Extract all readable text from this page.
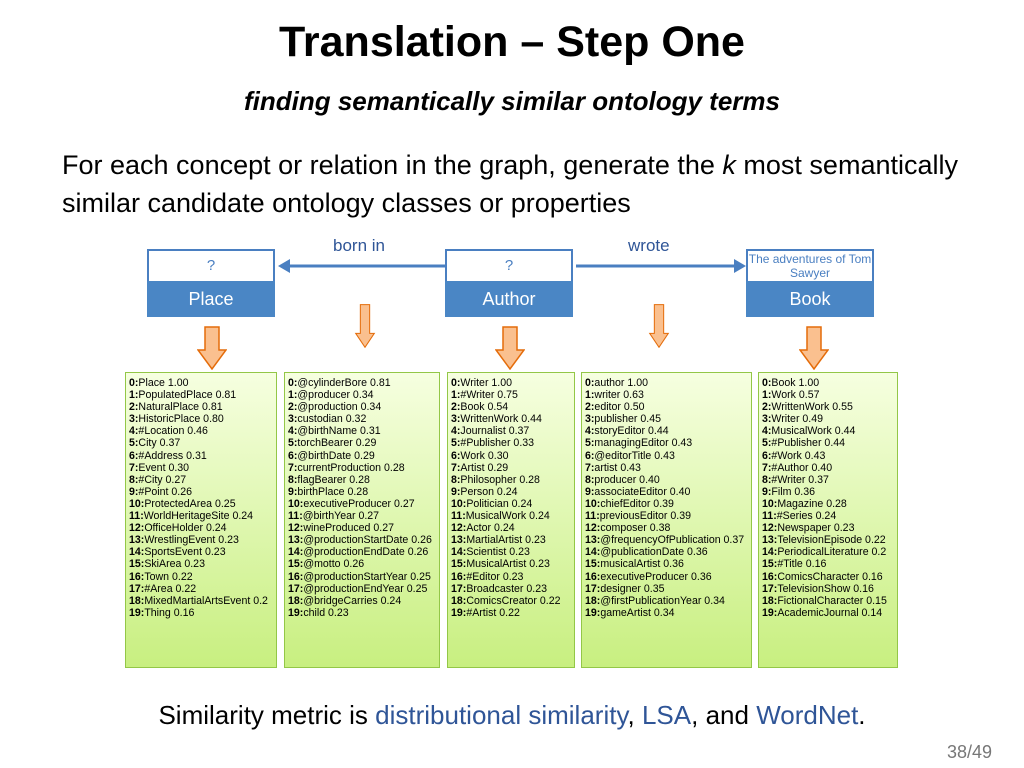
Translation – Step One
finding semantically similar ontology terms
For each concept or relation in the graph, generate the k most semantically similar candidate ontology classes or properties
born in	wrote
?
Place
?
Author
The adventures of Tom Sawyer
Book
0:Place 1.00
1:PopulatedPlace 0.81
2:NaturalPlace 0.81
3:HistoricPlace 0.80
4:#Location 0.46
5:City 0.37
6:#Address 0.31
7:Event 0.30
8:#City 0.27
9:#Point 0.26
10:ProtectedArea 0.25
11:WorldHeritageSite 0.24
12:OfficeHolder 0.24
13:WrestlingEvent 0.23
14:SportsEvent 0.23
15:SkiArea 0.23
16:Town 0.22
17:#Area 0.22
18:MixedMartialArtsEvent 0.2
19:Thing 0.16
0:@cylinderBore 0.81
1:@producer 0.34
2:@production 0.34
3:custodian 0.32
4:@birthName 0.31
5:torchBearer 0.29
6:@birthDate 0.29
7:currentProduction 0.28
8:flagBearer 0.28
9:birthPlace 0.28
10:executiveProducer 0.27
11:@birthYear 0.27
12:wineProduced 0.27
13:@productionStartDate 0.26
14:@productionEndDate 0.26
15:@motto 0.26
16:@productionStartYear 0.25
17:@productionEndYear 0.25
18:@bridgeCarries 0.24
19:child 0.23
0:Writer 1.00
1:#Writer 0.75
2:Book 0.54
3:WrittenWork 0.44
4:Journalist 0.37
5:#Publisher 0.33
6:Work 0.30
7:Artist 0.29
8:Philosopher 0.28
9:Person 0.24
10:Politician 0.24
11:MusicalWork 0.24
12:Actor 0.24
13:MartialArtist 0.23
14:Scientist 0.23
15:MusicalArtist 0.23
16:#Editor 0.23
17:Broadcaster 0.23
18:ComicsCreator 0.22
19:#Artist 0.22
0:author 1.00
1:writer 0.63
2:editor 0.50
3:publisher 0.45
4:storyEditor 0.44
5:managingEditor 0.43
6:@editorTitle 0.43
7:artist 0.43
8:producer 0.40
9:associateEditor 0.40
10:chiefEditor 0.39
11:previousEditor 0.39
12:composer 0.38
13:@frequencyOfPublication 0.37
14:@publicationDate 0.36
15:musicalArtist 0.36
16:executiveProducer 0.36
17:designer 0.35
18:@firstPublicationYear 0.34
19:gameArtist 0.34
0:Book 1.00
1:Work 0.57
2:WrittenWork 0.55
3:Writer 0.49
4:MusicalWork 0.44
5:#Publisher 0.44
6:#Work 0.43
7:#Author 0.40
8:#Writer 0.37
9:Film 0.36
10:Magazine 0.28
11:#Series 0.24
12:Newspaper 0.23
13:TelevisionEpisode 0.22
14:PeriodicalLiterature 0.2
15:#Title 0.16
16:ComicsCharacter 0.16
17:TelevisionShow 0.16
18:FictionalCharacter 0.15
19:AcademicJournal 0.14
Similarity metric is distributional similarity, LSA, and WordNet.
38/49
